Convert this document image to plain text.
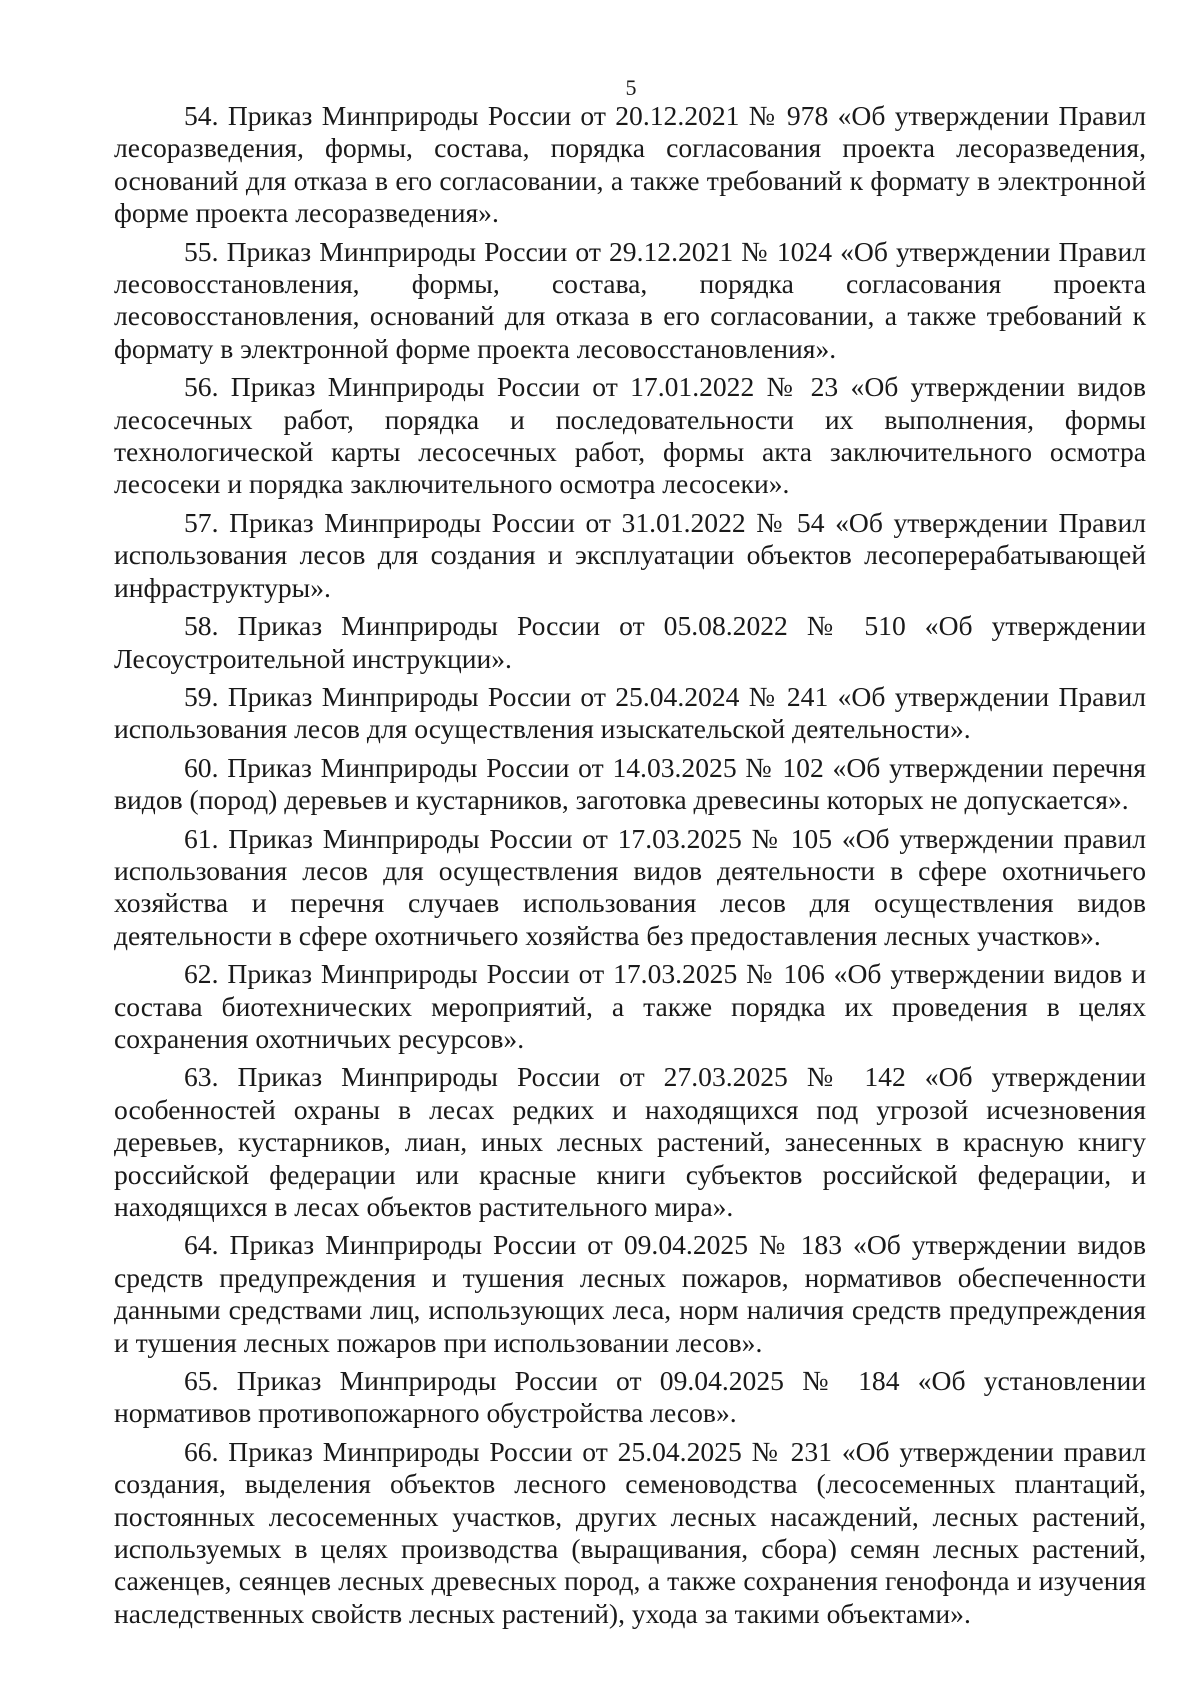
5

54. Приказ Минприроды России от 20.12.2021 № 978 «Об утверждении Правил лесоразведения, формы, состава, порядка согласования проекта лесоразведения, оснований для отказа в его согласовании, а также требований к формату в электронной форме проекта лесоразведения».

55. Приказ Минприроды России от 29.12.2021 № 1024 «Об утверждении Правил лесовосстановления, формы, состава, порядка согласования проекта лесовосстановления, оснований для отказа в его согласовании, а также требований к формату в электронной форме проекта лесовосстановления».

56. Приказ Минприроды России от 17.01.2022 № 23 «Об утверждении видов лесосечных работ, порядка и последовательности их выполнения, формы технологической карты лесосечных работ, формы акта заключительного осмотра лесосеки и порядка заключительного осмотра лесосеки».

57. Приказ Минприроды России от 31.01.2022 № 54 «Об утверждении Правил использования лесов для создания и эксплуатации объектов лесоперерабатывающей инфраструктуры».

58. Приказ Минприроды России от 05.08.2022 № 510 «Об утверждении Лесоустроительной инструкции».

59. Приказ Минприроды России от 25.04.2024 № 241 «Об утверждении Правил использования лесов для осуществления изыскательской деятельности».

60. Приказ Минприроды России от 14.03.2025 № 102 «Об утверждении перечня видов (пород) деревьев и кустарников, заготовка древесины которых не допускается».

61. Приказ Минприроды России от 17.03.2025 № 105 «Об утверждении правил использования лесов для осуществления видов деятельности в сфере охотничьего хозяйства и перечня случаев использования лесов для осуществления видов деятельности в сфере охотничьего хозяйства без предоставления лесных участков».

62. Приказ Минприроды России от 17.03.2025 № 106 «Об утверждении видов и состава биотехнических мероприятий, а также порядка их проведения в целях сохранения охотничьих ресурсов».

63. Приказ Минприроды России от 27.03.2025 № 142 «Об утверждении особенностей охраны в лесах редких и находящихся под угрозой исчезновения деревьев, кустарников, лиан, иных лесных растений, занесенных в красную книгу российской федерации или красные книги субъектов российской федерации, и находящихся в лесах объектов растительного мира».

64. Приказ Минприроды России от 09.04.2025 № 183 «Об утверждении видов средств предупреждения и тушения лесных пожаров, нормативов обеспеченности данными средствами лиц, использующих леса, норм наличия средств предупреждения и тушения лесных пожаров при использовании лесов».

65. Приказ Минприроды России от 09.04.2025 № 184 «Об установлении нормативов противопожарного обустройства лесов».

66. Приказ Минприроды России от 25.04.2025 № 231 «Об утверждении правил создания, выделения объектов лесного семеноводства (лесосеменных плантаций, постоянных лесосеменных участков, других лесных насаждений, лесных растений, используемых в целях производства (выращивания, сбора) семян лесных растений, саженцев, сеянцев лесных древесных пород, а также сохранения генофонда и изучения наследственных свойств лесных растений), ухода за такими объектами».
